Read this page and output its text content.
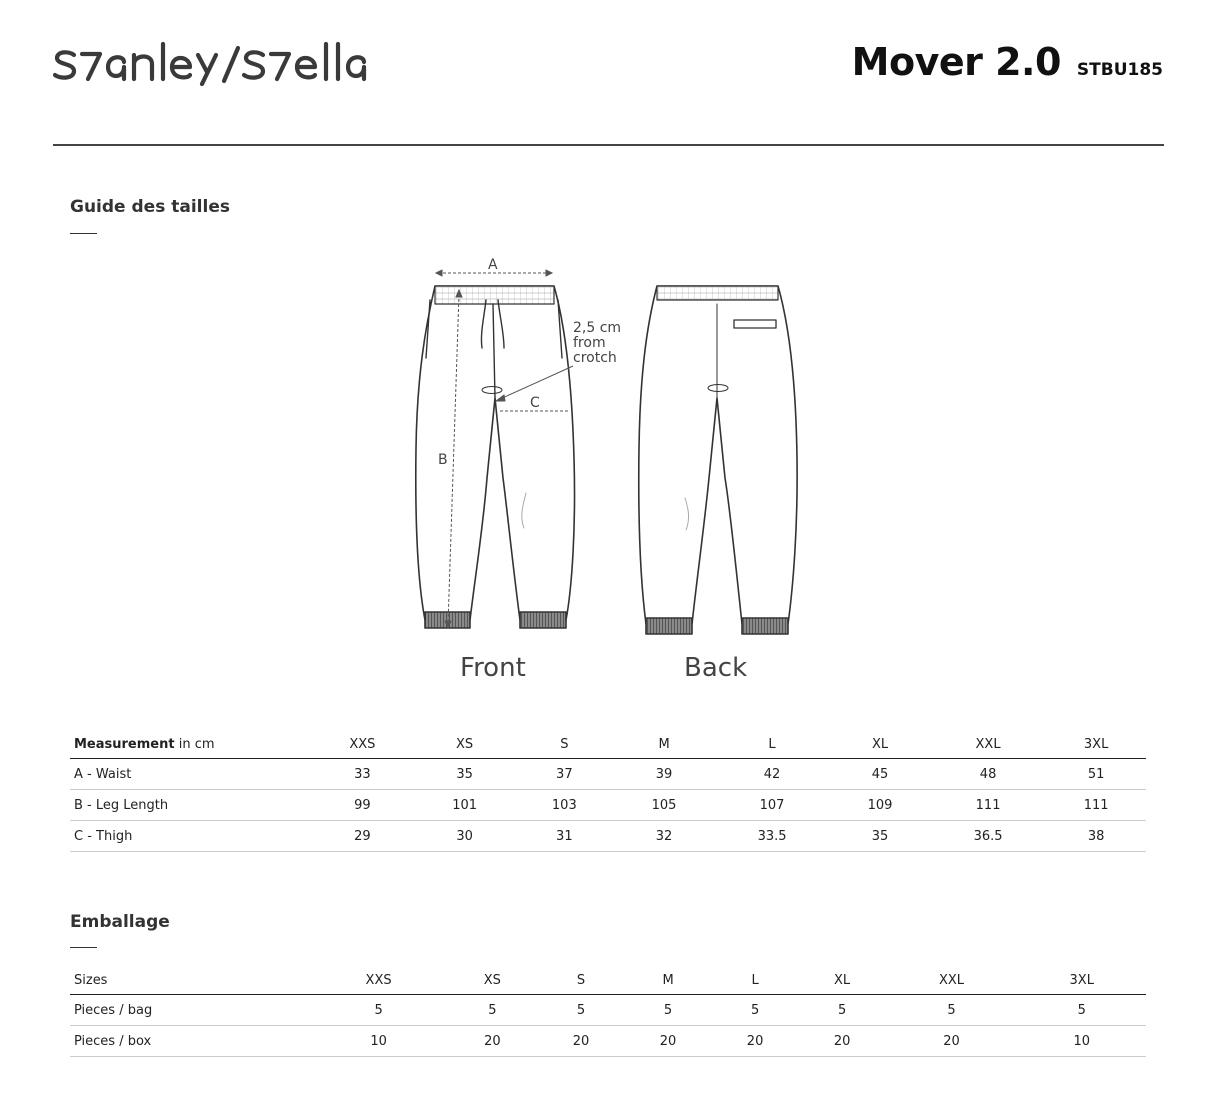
Mover 2.0 STBU185
Guide des tailles
A
B
C
2,5 cm
from
crotch
Front	Back
Measurement in cm	XXS	XS	S	M	L	XL	XXL	3XL
A - Waist	33	35	37	39	42	45	48	51
B - Leg Length	99	101	103	105	107	109	111	111
C - Thigh	29	30	31	32	33.5	35	36.5	38
Emballage
Sizes	XXS	XS	S	M	L	XL	XXL	3XL
Pieces / bag	5	5	5	5	5	5	5	5
Pieces / box	10	20	20	20	20	20	20	10
